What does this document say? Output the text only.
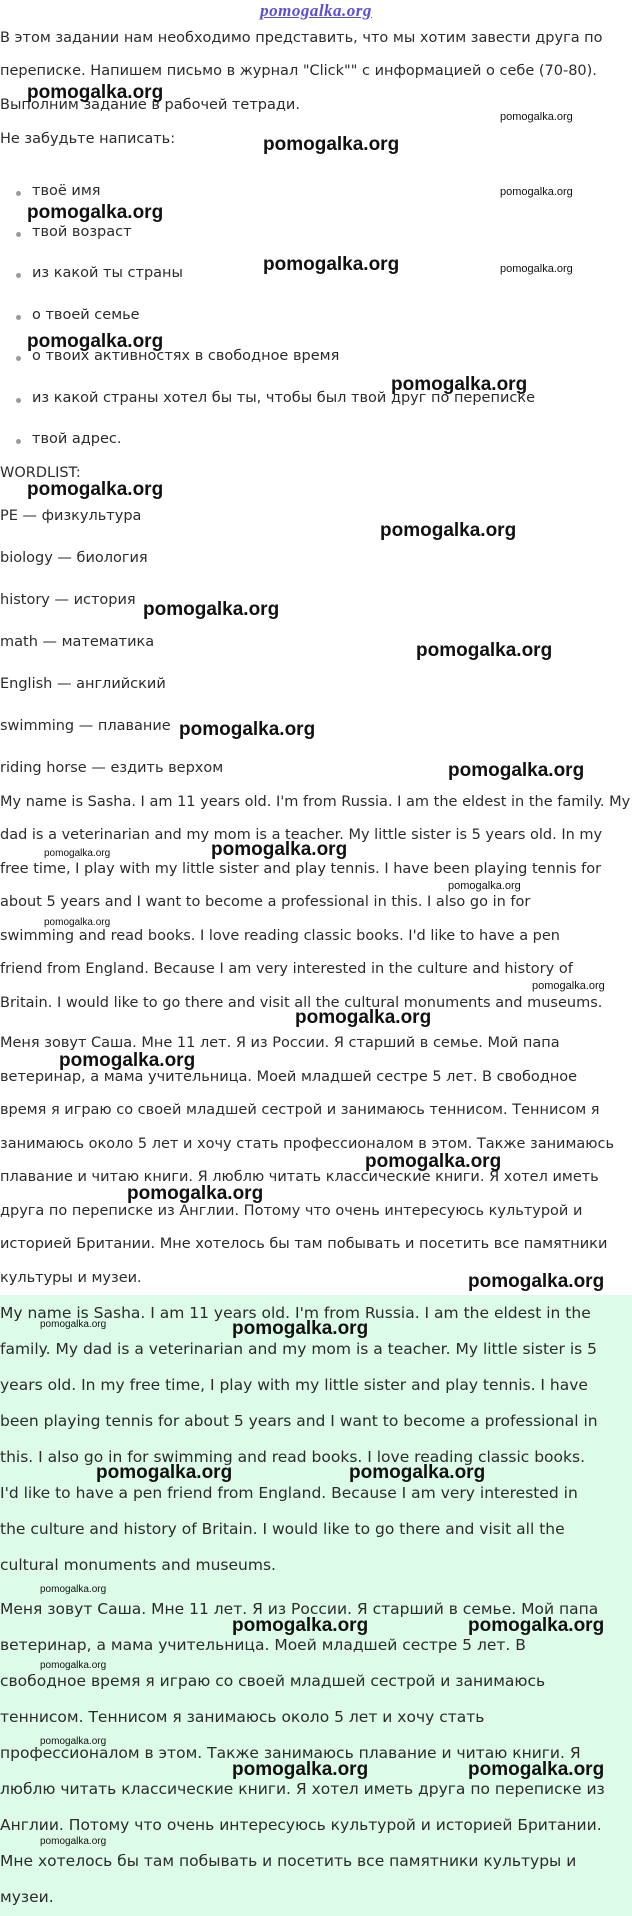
pomogalka.org
В этом задании нам необходимо представить, что мы хотим завести друга по
переписке. Напишем письмо в журнал "Click"" с информацией о себе (70-80).
Выполним задание в рабочей тетради.
Не забудьте написать:
твоё имя
твой возраст
из какой ты страны
о твоей семье
о твоих активностях в свободное время
из какой страны хотел бы ты, чтобы был твой друг по переписке
твой адрес.
WORDLIST:
PE — физкультура
biology — биология
history — история
math — математика
English — английский
swimming — плавание
riding horse — ездить верхом
My name is Sasha. I am 11 years old. I'm from Russia. I am the eldest in the family. My
dad is a veterinarian and my mom is a teacher. My little sister is 5 years old. In my
free time, I play with my little sister and play tennis. I have been playing tennis for
about 5 years and I want to become a professional in this. I also go in for
swimming and read books. I love reading classic books. I'd like to have a pen
friend from England. Because I am very interested in the culture and history of
Britain. I would like to go there and visit all the cultural monuments and museums.
Меня зовут Саша. Мне 11 лет. Я из России. Я старший в семье. Мой папа
ветеринар, а мама учительница. Моей младшей сестре 5 лет. В свободное
время я играю со своей младшей сестрой и занимаюсь теннисом. Теннисом я
занимаюсь около 5 лет и хочу стать профессионалом в этом. Также занимаюсь
плавание и читаю книги. Я люблю читать классические книги. Я хотел иметь
друга по переписке из Англии. Потому что очень интересуюсь культурой и
историей Британии. Мне хотелось бы там побывать и посетить все памятники
культуры и музеи.
My name is Sasha. I am 11 years old. I'm from Russia. I am the eldest in the
family. My dad is a veterinarian and my mom is a teacher. My little sister is 5
years old. In my free time, I play with my little sister and play tennis. I have
been playing tennis for about 5 years and I want to become a professional in
this. I also go in for swimming and read books. I love reading classic books.
I'd like to have a pen friend from England. Because I am very interested in
the culture and history of Britain. I would like to go there and visit all the
cultural monuments and museums.
Меня зовут Саша. Мне 11 лет. Я из России. Я старший в семье. Мой папа
ветеринар, а мама учительница. Моей младшей сестре 5 лет. В
свободное время я играю со своей младшей сестрой и занимаюсь
теннисом. Теннисом я занимаюсь около 5 лет и хочу стать
профессионалом в этом. Также занимаюсь плавание и читаю книги. Я
люблю читать классические книги. Я хотел иметь друга по переписке из
Англии. Потому что очень интересуюсь культурой и историей Британии.
Мне хотелось бы там побывать и посетить все памятники культуры и
музеи.
pomogalka.org
pomogalka.org
pomogalka.org
pomogalka.org
pomogalka.org
pomogalka.org	pomogalka.org
pomogalka.org
pomogalka.org
pomogalka.org
pomogalka.org
pomogalka.org
pomogalka.org
pomogalka.org
pomogalka.org
pomogalka.org
pomogalka.org
pomogalka.org
pomogalka.org
pomogalka.org
pomogalka.org
pomogalka.org
pomogalka.org
pomogalka.org
pomogalka.org
pomogalka.org	pomogalka.org
pomogalka.org	pomogalka.org
pomogalka.org
pomogalka.org	pomogalka.org
pomogalka.org
pomogalka.org
pomogalka.org	pomogalka.org
pomogalka.org
